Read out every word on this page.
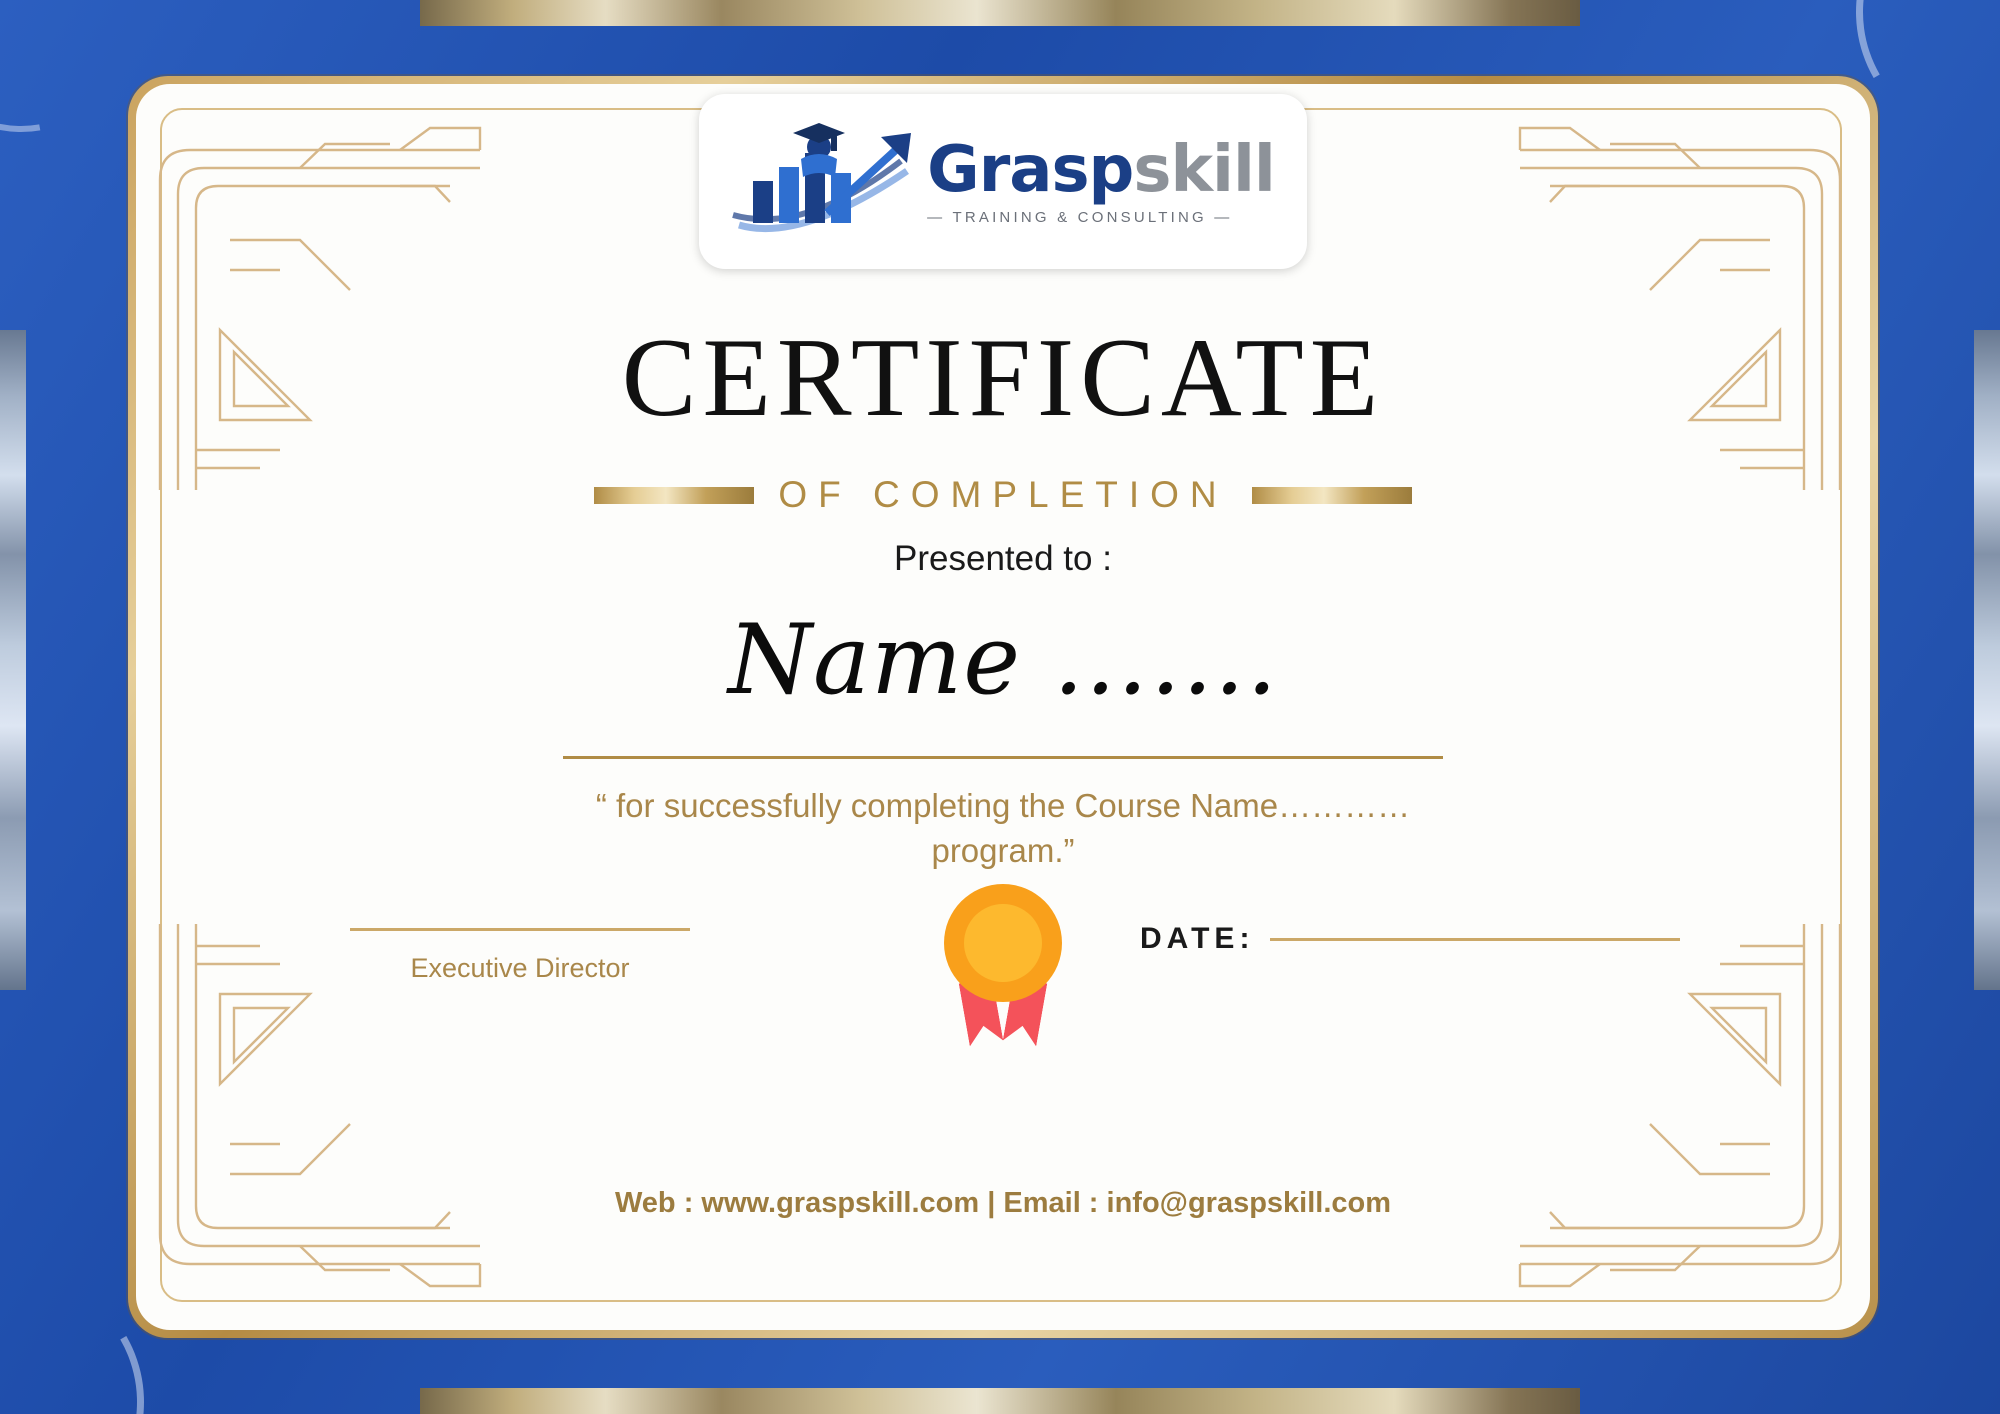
Graspskill
— TRAINING & CONSULTING —
CERTIFICATE
OF COMPLETION
Presented to :
Name …….
“ for successfully completing the Course Name………… program.”
Executive Director
DATE:
Web : www.graspskill.com | Email : info@graspskill.com
